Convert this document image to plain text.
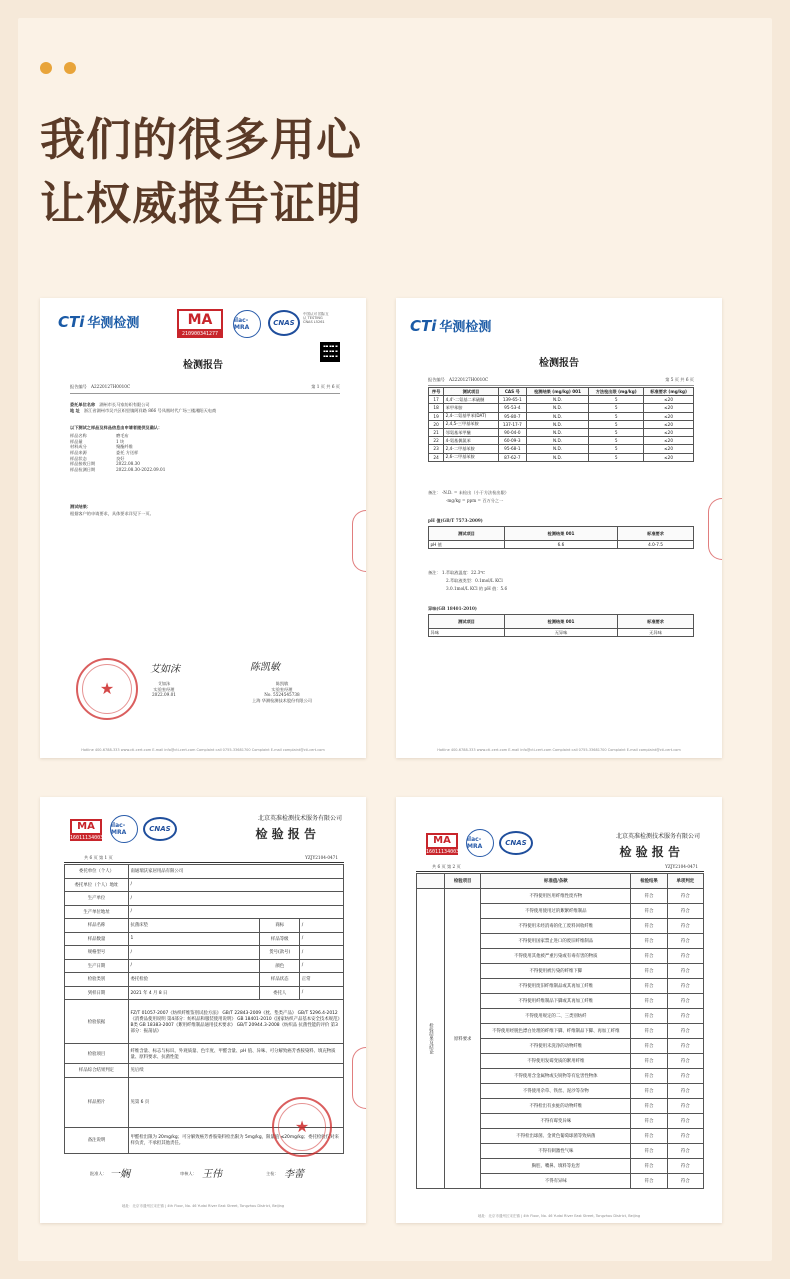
我们的很多用心
让权威报告证明
CTi 华测检测	MA
210900341277
ilac-MRA
CNAS
中国认可 国际互认 TESTING CNAS L5261
检测报告
报告编号　 A2220127H0010C	第 1 页 共 6 页
委托单位名称　 湖州市长马家纺织有限公司
地 址　 浙江省湖州市吴兴区织里镇阿祥路 866 号凤凰时代广场三楼湘阳天电商
以下测试之样品及样品信息由申请者提供及确认：
样品名称	磨毛布
样品量	1 块
材料成分	聚酯纤维
样品来源	委托 方送样
样品状态	良好
样品接收日期	2022.08.30
样品检测日期	2022.08.30-2022.09.01
测试结果：
根据客户的申请要求，具体要求详见下一页。
艾如沫	陈凯敏
★	艾如沫
实验室经理
2022.09.01
陈凯敏
实验室经理
No. 5524545738
上海 华测检测技术股份有限公司
Hotline 400-6788-333 www.cti-cert.com E-mail info@cti-cert.com Complaint call 0755-33681700 Complaint E-mail complaint@cti-cert.com
CTi 华测检测
检测报告
报告编号　 A2220127H0010C	第 5 页 共 6 页
序号	测试项目	CAS 号	检测结果 (mg/kg) 001	方法检出限 (mg/kg)	标准要求 (mg/kg)
17	4,4'-二氨基二苯硫醚	139-65-1	N.D.	5	≤20
18	苯甲苯胺	95-53-4	N.D.	5	≤20
19	2,4-二氨基甲苯(DAT)	95-80-7	N.D.	5	≤20
20	2,4,5-三甲基苯胺	137-17-7	N.D.	5	≤20
21	邻氨基苯甲醚	90-04-0	N.D.	5	≤20
22	4-氨基偶氮苯	60-09-3	N.D.	5	≤20
23	2,4-二甲基苯胺	95-68-1	N.D.	5	≤20
24	2,6-二甲基苯胺	87-62-7	N.D.	5	≤20
备注： -N.D. = 未检出（小于方法检出限）
-mg/kg = ppm = 百万分之一
pH 值(GB/T 7573-2009)
测试项目	检测结果 001	标准要求
pH 值	6.6	4.0-7.5
备注： 1.萃取液温度：22.3℃
2.萃取液类型：0.1mol/L KCl
3.0.1mol/L KCl 的 pH 值：5.6
异味(GB 18401-2010)
测试项目	检测结果 001	标准要求
异味	无异味	无异味
Hotline 400-6788-333 www.cti-cert.com E-mail info@cti-cert.com Complaint call 0755-33681700 Complaint E-mail complaint@cti-cert.com
MA
160111340036
ilac-MRA	CNAS
北京英准检测技术服务有限公司
检 验 报 告
共 6 页 第 1 页	YZJY2104-0471
委托单位（个人）	南通瑞沃家居用品有限公司		
委托单位（个人）地址	/		
生产单位	/		
生产单位地址	/		
样品名称	抗菌床垫	商标	/
样品数量	1	样品等级	/
规格型号	/	货号(款号)	/
生产日期	/	颜色	/
检验类别	委托检验	样品状态	正常
到样日期	2021 年 4 月 8 日	委托人	/
检验依据	FZ/T 01057-2007《纺织纤维鉴别试验方法》 GB/T 22843-2009《枕、垫类产品》 GB/T 5296.4-2012《消费品使用说明 第4部分：纺织品和服装使用说明》 GB 18401-2010《国家纺织产品基本安全技术规范》B类 GB 18383-2007《絮用纤维制品通用技术要求》 GB/T 20944.3-2008《纺织品 抗菌性能的评价 第3部分：振荡法》		
检验项目	纤维含量、标志与标识、外观质量、色牢度、甲醛含量、pH 值、异味、可分解致癌芳香胺染料、填充物质量、原料要求、抗菌性能		
样品综合结果判定	见后续		
样品照片	见第 6 页		
备注说明	甲醛检出限为 20mg/kg；可分解致癌芳香胺染料检出限为 5mg/kg，限量值 ≤20mg/kg；委托检验仅对来样负责，不承担其他责任。		
★
批准人： 一娴	审核人： 王伟	主检： 李蕾
地址：北京市通州区宋庄镇 | 4th Floor, No. 46 Yudai River East Street, Tongzhou District, Beijing
MA
160111340036
ilac-MRA	CNAS
北京英准检测技术服务有限公司
检 验 报 告
共 6 页 第 2 页	YZJY2104-0471
	检验项目	标准值/条款	检验结果	单项判定
检验结果及结论	原料要求	不得使用医用纤维性废弃物	符合	符合
		不得使用使用过的絮絮纤维制品	符合	符合
		不得使用未经消毒的化工废料回收纤维	符合	符合
		不得使用国家禁止进口的废旧纤维制品	符合	符合
		不得使用其他被严重污染或有毒有害的物质	符合	符合
		不得使用被污染的纤维下脚	符合	符合
		不得使用废旧纤维制品或其再加工纤维	符合	符合
		不得使用纤维制品下脚或其再加工纤维	符合	符合
		不得使用规定的二、三类别纺纤	符合	符合
		不得使用经脱色漂白处理的纤维下脚、纤维制品下脚、再加工纤维	符合	符合
		不得使用未洗净的动物纤维	符合	符合
		不得使用发霉变质的絮用纤维	符合	符合
		不得使用含金属物或尖锐物等有危害性物体	符合	符合
		不得使用杂草、铁丝、泥沙等杂物	符合	符合
		不得检出有虫蛀的动物纤维	符合	符合
		不得有霉变异味	符合	符合
		不得检出球菌、金黄色葡萄球菌等致病菌	符合	符合
		不得有刺激性气味	符合	符合
		胸腔、嘴鼻、填料等危害	符合	符合
		不得有异味	符合	符合
地址：北京市通州区宋庄镇 | 4th Floor, No. 46 Yudai River East Street, Tongzhou District, Beijing
